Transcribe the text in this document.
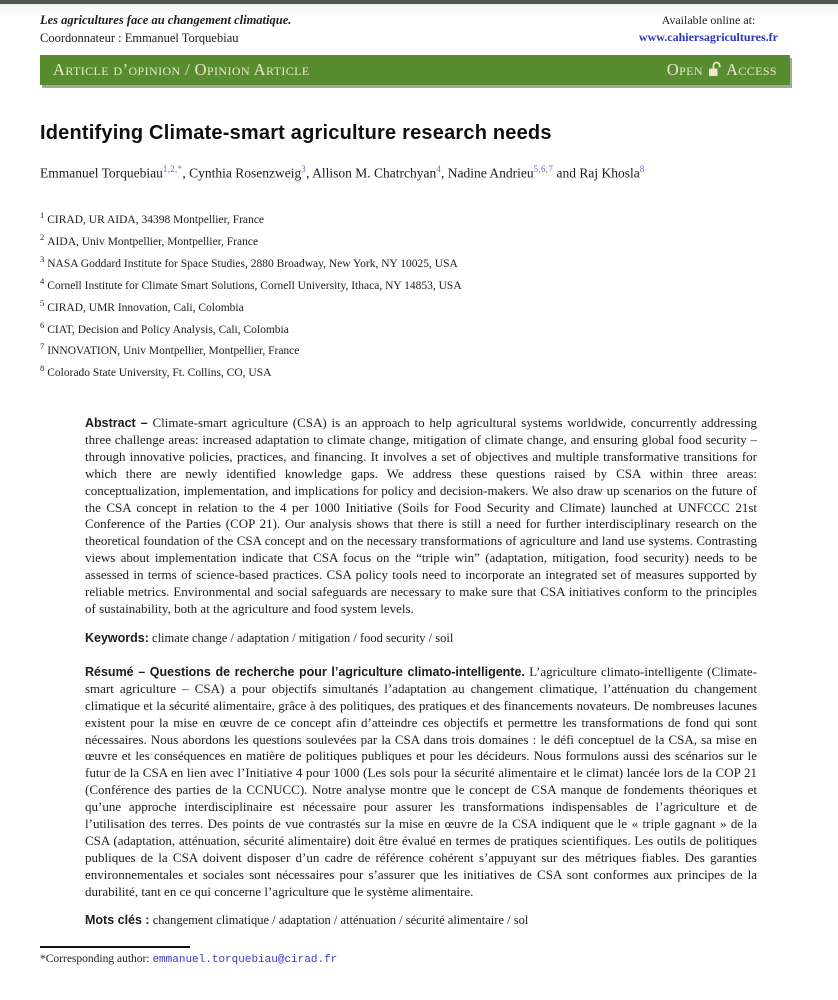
Les agricultures face au changement climatique.
Coordonnateur : Emmanuel Torquebiau
Available online at:
www.cahiersagricultures.fr
Article d’opinion / Opinion Article	Open Access
Identifying Climate-smart agriculture research needs

Emmanuel Torquebiau$^{1,2,*}$, Cynthia Rosenzweig$^3$, Allison M. Chatrchyan$^4$, Nadine Andrieu$^{5,6,7}$ and Raj Khosla$^8$

$^1$ CIRAD, UR AIDA, 34398 Montpellier, France
$^2$ AIDA, Univ Montpellier, Montpellier, France
$^3$ NASA Goddard Institute for Space Studies, 2880 Broadway, New York, NY 10025, USA
$^4$ Cornell Institute for Climate Smart Solutions, Cornell University, Ithaca, NY 14853, USA
$^5$ CIRAD, UMR Innovation, Cali, Colombia
$^6$ CIAT, Decision and Policy Analysis, Cali, Colombia
$^7$ INNOVATION, Univ Montpellier, Montpellier, France
$^8$ Colorado State University, Ft. Collins, CO, USA

Abstract – Climate-smart agriculture (CSA) is an approach to help agricultural systems worldwide, concurrently addressing three challenge areas: increased adaptation to climate change, mitigation of climate change, and ensuring global food security – through innovative policies, practices, and financing. It involves a set of objectives and multiple transformative transitions for which there are newly identified knowledge gaps. We address these questions raised by CSA within three areas: conceptualization, implementation, and implications for policy and decision-makers. We also draw up scenarios on the future of the CSA concept in relation to the 4 per 1000 Initiative (Soils for Food Security and Climate) launched at UNFCCC 21st Conference of the Parties (COP 21). Our analysis shows that there is still a need for further interdisciplinary research on the theoretical foundation of the CSA concept and on the necessary transformations of agriculture and land use systems. Contrasting views about implementation indicate that CSA focus on the “triple win” (adaptation, mitigation, food security) needs to be assessed in terms of science-based practices. CSA policy tools need to incorporate an integrated set of measures supported by reliable metrics. Environmental and social safeguards are necessary to make sure that CSA initiatives conform to the principles of sustainability, both at the agriculture and food system levels.

Keywords: climate change / adaptation / mitigation / food security / soil

Résumé – Questions de recherche pour l’agriculture climato-intelligente. L’agriculture climato-intelligente (Climate-smart agriculture – CSA) a pour objectifs simultanés l’adaptation au changement climatique, l’atténuation du changement climatique et la sécurité alimentaire, grâce à des politiques, des pratiques et des financements novateurs. De nombreuses lacunes existent pour la mise en œuvre de ce concept afin d’atteindre ces objectifs et permettre les transformations de fond qui sont nécessaires. Nous abordons les questions soulevées par la CSA dans trois domaines : le défi conceptuel de la CSA, sa mise en œuvre et les conséquences en matière de politiques publiques et pour les décideurs. Nous formulons aussi des scénarios sur le futur de la CSA en lien avec l’Initiative 4 pour 1000 (Les sols pour la sécurité alimentaire et le climat) lancée lors de la COP 21 (Conférence des parties de la CCNUCC). Notre analyse montre que le concept de CSA manque de fondements théoriques et qu’une approche interdisciplinaire est nécessaire pour assurer les transformations indispensables de l’agriculture et de l’utilisation des terres. Des points de vue contrastés sur la mise en œuvre de la CSA indiquent que le « triple gagnant » de la CSA (adaptation, atténuation, sécurité alimentaire) doit être évalué en termes de pratiques scientifiques. Les outils de politiques publiques de la CSA doivent disposer d’un cadre de référence cohérent s’appuyant sur des métriques fiables. Des garanties environnementales et sociales sont nécessaires pour s’assurer que les initiatives de CSA sont conformes aux principes de la durabilité, tant en ce qui concerne l’agriculture que le système alimentaire.

Mots clés : changement climatique / adaptation / atténuation / sécurité alimentaire / sol

*Corresponding author: emmanuel.torquebiau@cirad.fr
